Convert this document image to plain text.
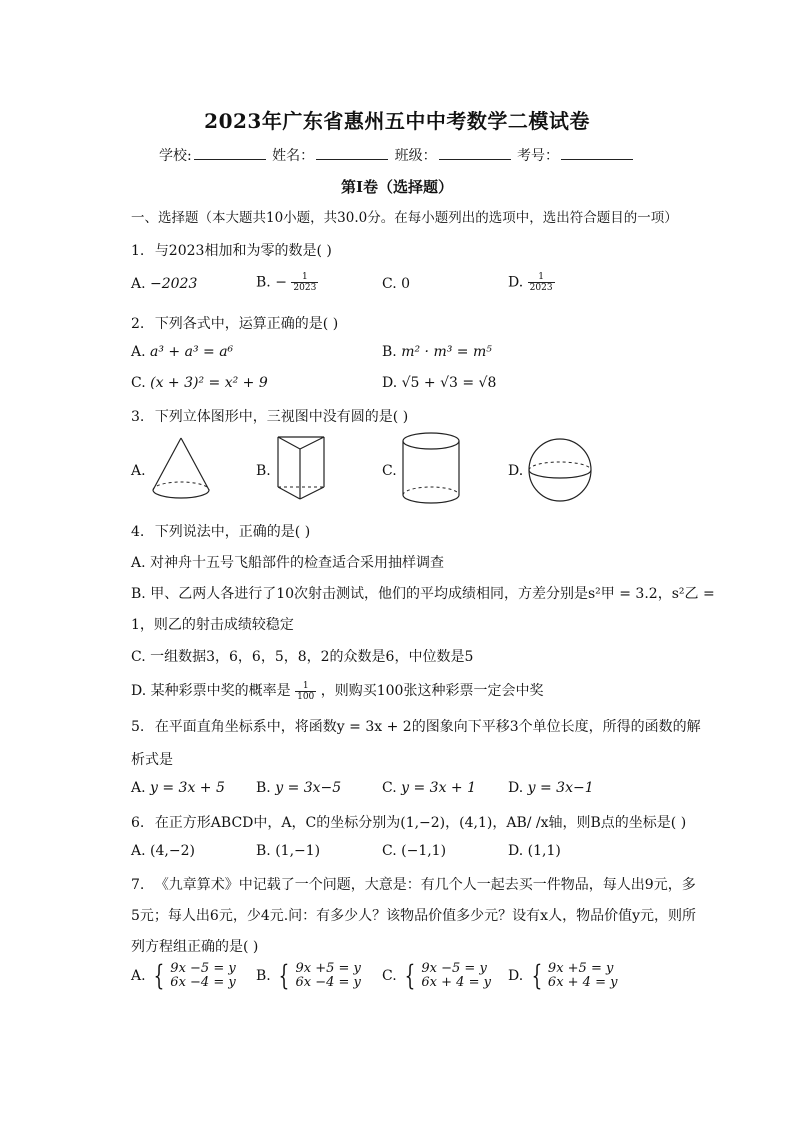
2023年广东省惠州五中中考数学二模试卷
学校:	姓名：	班级：	考号：
第Ⅰ卷（选择题）
一、选择题（本大题共10小题，共30.0分。在每小题列出的选项中，选出符合题目的一项）
1. 与2023相加和为零的数是( )
A. −2023	B. − $\frac{1}{2023}$	C. 0	D. $\frac{1}{2023}$
2. 下列各式中，运算正确的是( )
A. a³ + a³ = a⁶	B. m² · m³ = m⁵
C. (x + 3)² = x² + 9	D. √5 + √3 = √8
3. 下列立体图形中，三视图中没有圆的是( )
A.	B.	C.	D.
4. 下列说法中，正确的是( )
A. 对神舟十五号飞船部件的检查适合采用抽样调查
B. 甲、乙两人各进行了10次射击测试，他们的平均成绩相同，方差分别是s²甲 = 3.2，s²乙 =
1，则乙的射击成绩较稳定
C. 一组数据3，6，6，5，8，2的众数是6，中位数是5
D. 某种彩票中奖的概率是 $\frac{1}{100}$ ，则购买100张这种彩票一定会中奖
5. 在平面直角坐标系中，将函数y = 3x + 2的图象向下平移3个单位长度，所得的函数的解
析式是
A. y = 3x + 5 B. y = 3x−5	C. y = 3x + 1 D. y = 3x−1
6. 在正方形ABCD中，A，C的坐标分别为(1,−2)，(4,1)，AB/ /x轴，则B点的坐标是( )
A. (4,−2)	B. (1,−1)	C. (−1,1)	D. (1,1)
7. 《九章算术》中记载了一个问题，大意是：有几个人一起去买一件物品，每人出9元，多
5元；每人出6元，少4元.问：有多少人？该物品价值多少元？设有x人，物品价值y元，则所
列方程组正确的是( )
A. { 9x −5 = y
6x −4 = y B. { 9x +5 = y
6x −4 = y C. { 9x −5 = y
6x + 4 = y D. { 9x +5 = y
6x + 4 = y
